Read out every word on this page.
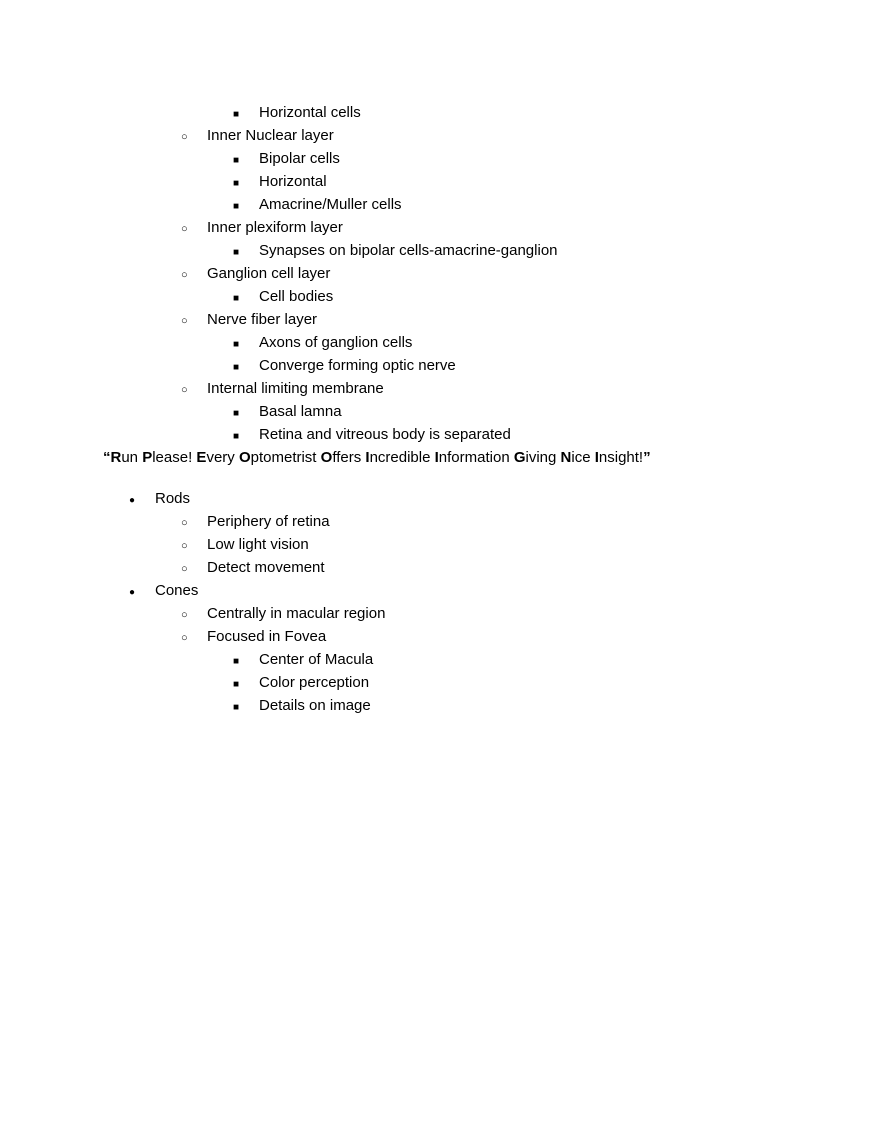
■	Horizontal cells
○	Inner Nuclear layer
■	Bipolar cells
■	Horizontal
■	Amacrine/Muller cells
○	Inner plexiform layer
■	Synapses on bipolar cells-amacrine-ganglion
○	Ganglion cell layer
■	Cell bodies
○	Nerve fiber layer
■	Axons of ganglion cells
■	Converge forming optic nerve
○	Internal limiting membrane
■	Basal lamna
■	Retina and vitreous body is separated

“Run Please! Every Optometrist Offers Incredible Information Giving Nice Insight!”

●	Rods
○	Periphery of retina
○	Low light vision
○	Detect movement
●	Cones
○	Centrally in macular region
○	Focused in Fovea
■	Center of Macula
■	Color perception
■	Details on image
